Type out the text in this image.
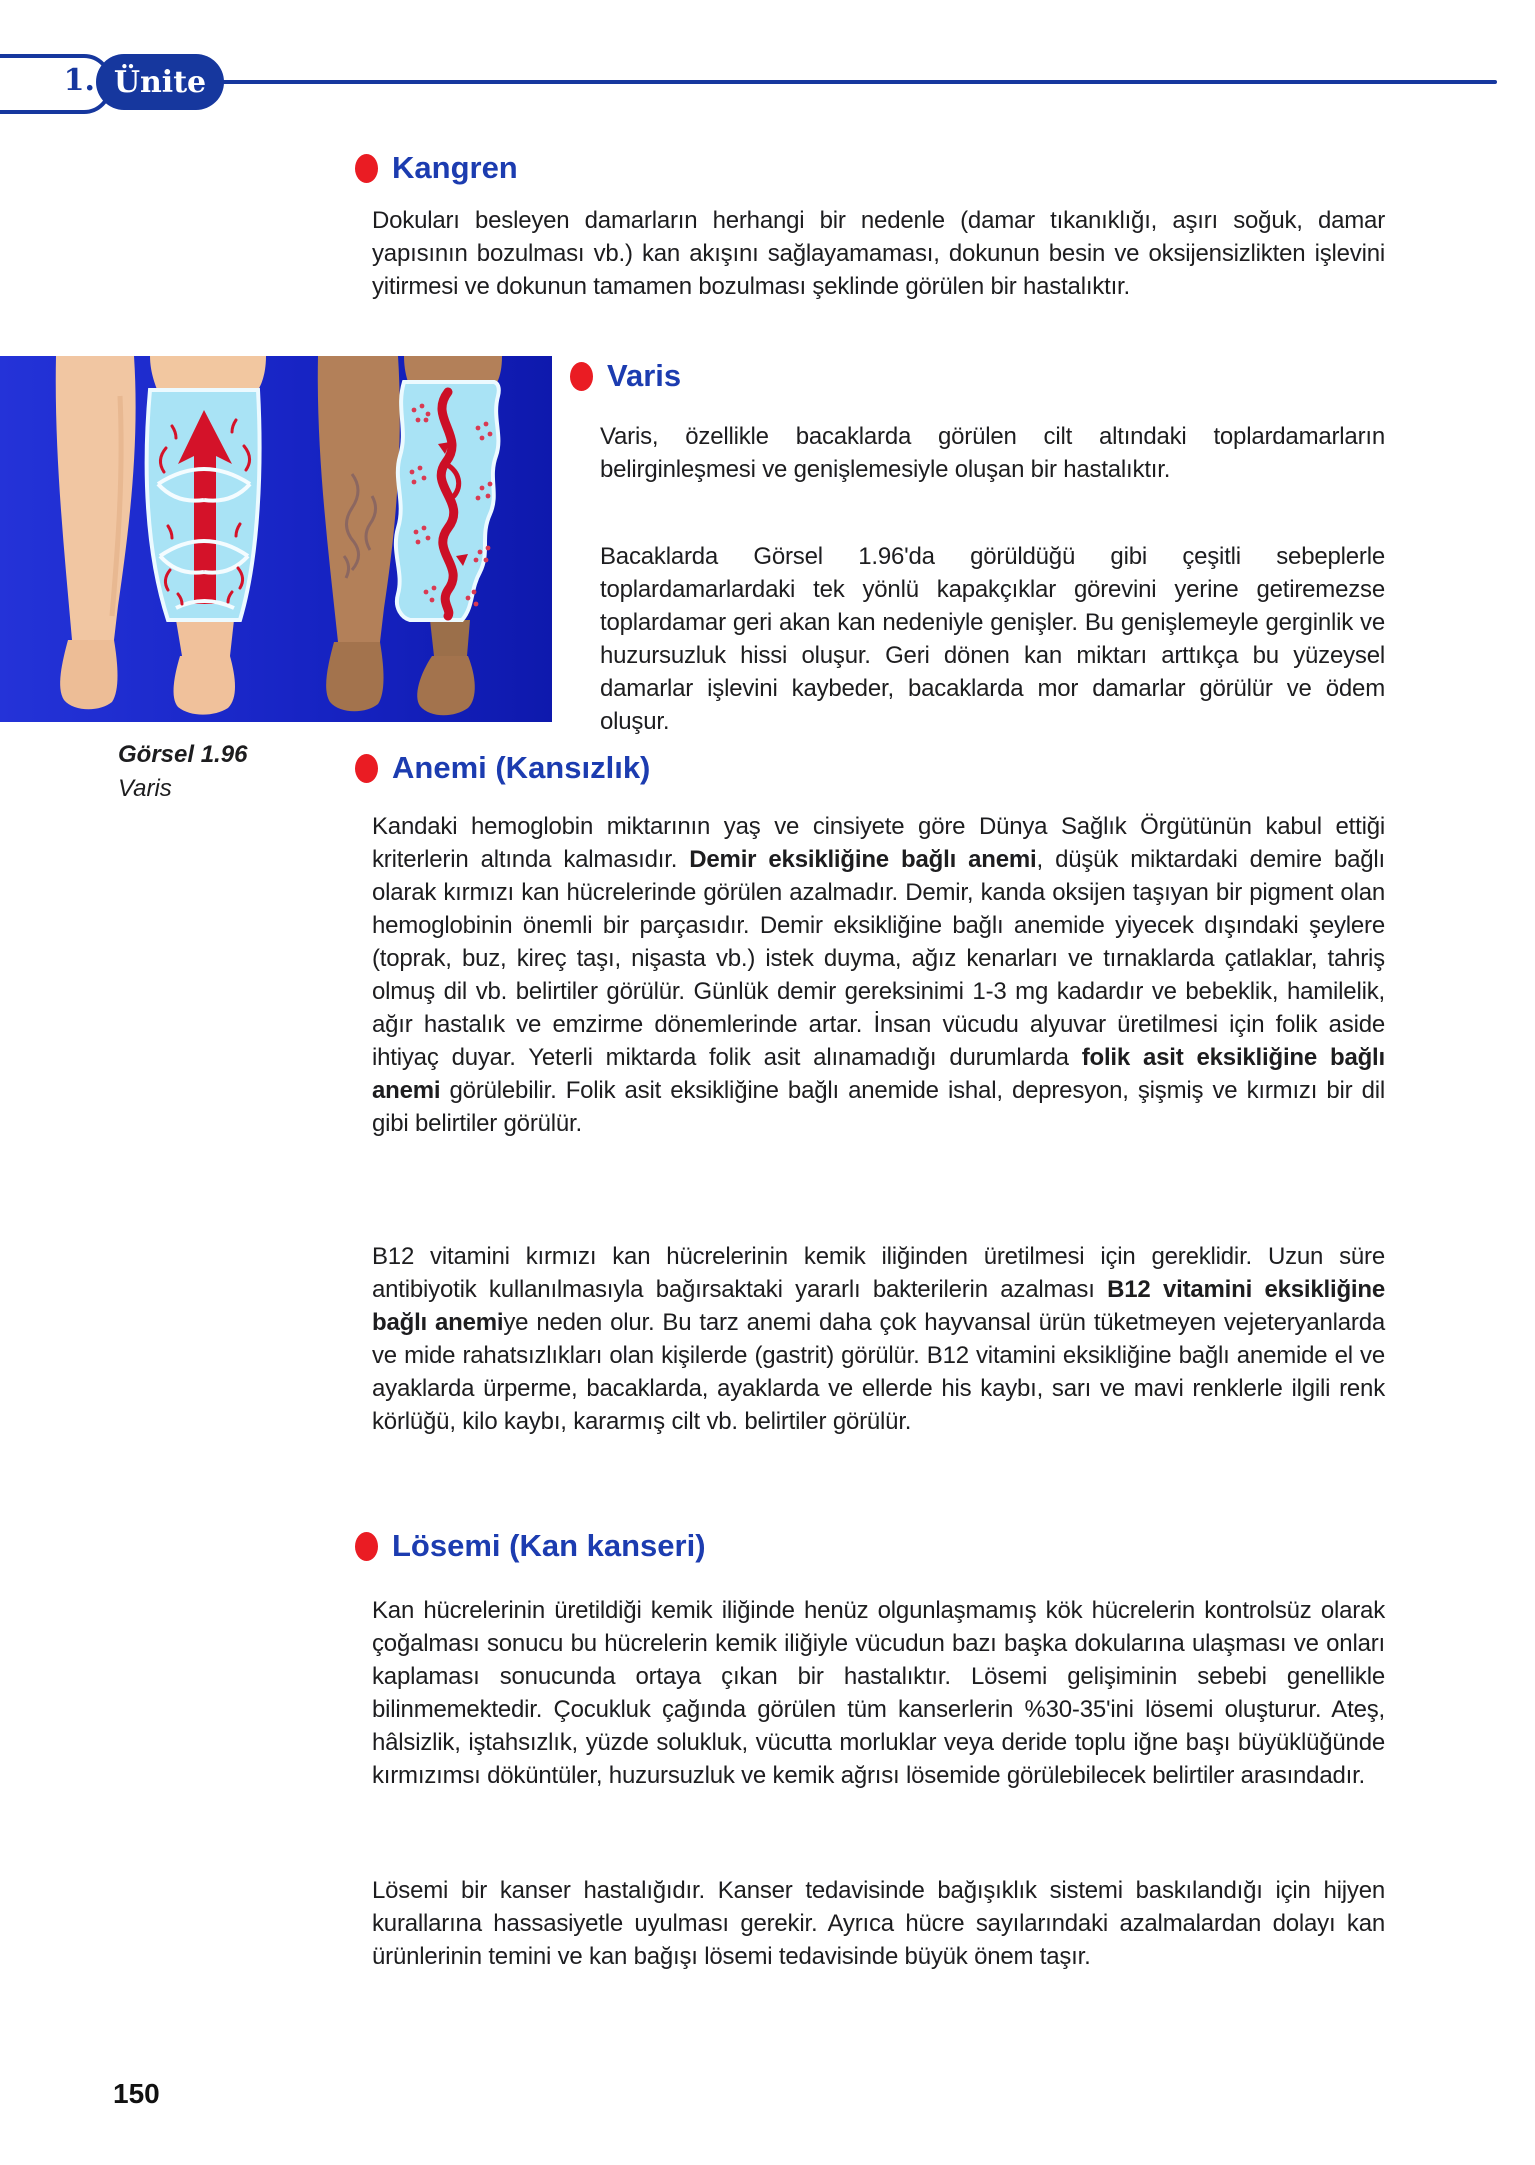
1. Ünite
Kangren

Dokuları besleyen damarların herhangi bir nedenle (damar tıkanıklığı, aşırı soğuk, damar yapısının bozulması vb.) kan akışını sağlayamaması, dokunun besin ve oksijensizlikten işlevini yitirmesi ve dokunun tamamen bozulması şeklinde görülen bir hastalıktır.

Görsel 1.96
Varis
Varis

Varis, özellikle bacaklarda görülen cilt altındaki toplardamarların belirginleşmesi ve genişlemesiyle oluşan bir hastalıktır.

Bacaklarda Görsel 1.96'da görüldüğü gibi çeşitli sebeplerle toplardamarlardaki tek yönlü kapakçıklar görevini yerine getiremezse toplardamar geri akan kan nedeniyle genişler. Bu genişlemeyle gerginlik ve huzursuzluk hissi oluşur. Geri dönen kan miktarı arttıkça bu yüzeysel damarlar işlevini kaybeder, bacaklarda mor damarlar görülür ve ödem oluşur.

Anemi (Kansızlık)

Kandaki hemoglobin miktarının yaş ve cinsiyete göre Dünya Sağlık Örgütünün kabul ettiği kriterlerin altında kalmasıdır. Demir eksikliğine bağlı anemi, düşük miktardaki demire bağlı olarak kırmızı kan hücrelerinde görülen azalmadır. Demir, kanda oksijen taşıyan bir pigment olan hemoglobinin önemli bir parçasıdır. Demir eksikliğine bağlı anemide yiyecek dışındaki şeylere (toprak, buz, kireç taşı, nişasta vb.) istek duyma, ağız kenarları ve tırnaklarda çatlaklar, tahriş olmuş dil vb. belirtiler görülür. Günlük demir gereksinimi 1-3 mg kadardır ve bebeklik, hamilelik, ağır hastalık ve emzirme dönemlerinde artar. İnsan vücudu alyuvar üretilmesi için folik aside ihtiyaç duyar. Yeterli miktarda folik asit alınamadığı durumlarda folik asit eksikliğine bağlı anemi görülebilir. Folik asit eksikliğine bağlı anemide ishal, depresyon, şişmiş ve kırmızı bir dil gibi belirtiler görülür.

B12 vitamini kırmızı kan hücrelerinin kemik iliğinden üretilmesi için gereklidir. Uzun süre antibiyotik kullanılmasıyla bağırsaktaki yararlı bakterilerin azalması B12 vitamini eksikliğine bağlı anemiye neden olur. Bu tarz anemi daha çok hayvansal ürün tüketmeyen vejeteryanlarda ve mide rahatsızlıkları olan kişilerde (gastrit) görülür. B12 vitamini eksikliğine bağlı anemide el ve ayaklarda ürperme, bacaklarda, ayaklarda ve ellerde his kaybı, sarı ve mavi renklerle ilgili renk körlüğü, kilo kaybı, kararmış cilt vb. belirtiler görülür.

Lösemi (Kan kanseri)

Kan hücrelerinin üretildiği kemik iliğinde henüz olgunlaşmamış kök hücrelerin kontrolsüz olarak çoğalması sonucu bu hücrelerin kemik iliğiyle vücudun bazı başka dokularına ulaşması ve onları kaplaması sonucunda ortaya çıkan bir hastalıktır. Lösemi gelişiminin sebebi genellikle bilinmemektedir. Çocukluk çağında görülen tüm kanserlerin %30-35'ini lösemi oluşturur. Ateş, hâlsizlik, iştahsızlık, yüzde solukluk, vücutta morluklar veya deride toplu iğne başı büyüklüğünde kırmızımsı döküntüler, huzursuzluk ve kemik ağrısı lösemide görülebilecek belirtiler arasındadır.

Lösemi bir kanser hastalığıdır. Kanser tedavisinde bağışıklık sistemi baskılandığı için hijyen kurallarına hassasiyetle uyulması gerekir. Ayrıca hücre sayılarındaki azalmalardan dolayı kan ürünlerinin temini ve kan bağışı lösemi tedavisinde büyük önem taşır.

150
